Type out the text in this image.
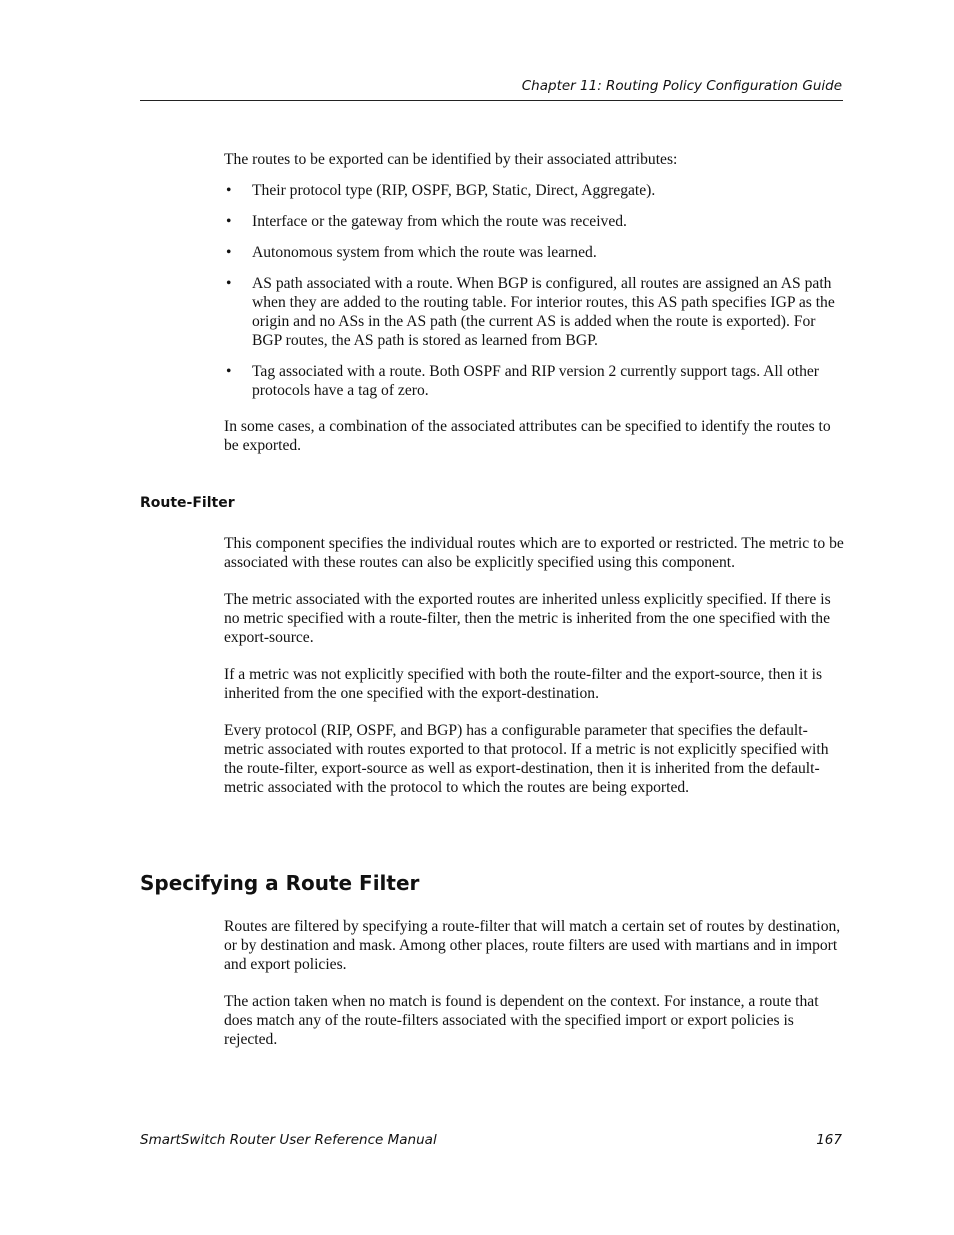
Chapter 11: Routing Policy Configuration Guide

The routes to be exported can be identified by their associated attributes:

• Their protocol type (RIP, OSPF, BGP, Static, Direct, Aggregate).
• Interface or the gateway from which the route was received.
• Autonomous system from which the route was learned.
• AS path associated with a route. When BGP is configured, all routes are assigned an AS path when they are added to the routing table. For interior routes, this AS path specifies IGP as the origin and no ASs in the AS path (the current AS is added when the route is exported). For BGP routes, the AS path is stored as learned from BGP.
• Tag associated with a route. Both OSPF and RIP version 2 currently support tags. All other protocols have a tag of zero.

In some cases, a combination of the associated attributes can be specified to identify the routes to be exported.

Route-Filter

This component specifies the individual routes which are to exported or restricted. The metric to be associated with these routes can also be explicitly specified using this component.

The metric associated with the exported routes are inherited unless explicitly specified. If there is no metric specified with a route-filter, then the metric is inherited from the one specified with the export-source.

If a metric was not explicitly specified with both the route-filter and the export-source, then it is inherited from the one specified with the export-destination.

Every protocol (RIP, OSPF, and BGP) has a configurable parameter that specifies the default-metric associated with routes exported to that protocol. If a metric is not explicitly specified with the route-filter, export-source as well as export-destination, then it is inherited from the default-metric associated with the protocol to which the routes are being exported.

Specifying a Route Filter

Routes are filtered by specifying a route-filter that will match a certain set of routes by destination, or by destination and mask. Among other places, route filters are used with martians and in import and export policies.

The action taken when no match is found is dependent on the context. For instance, a route that does match any of the route-filters associated with the specified import or export policies is rejected.

SmartSwitch Router User Reference Manual	167
